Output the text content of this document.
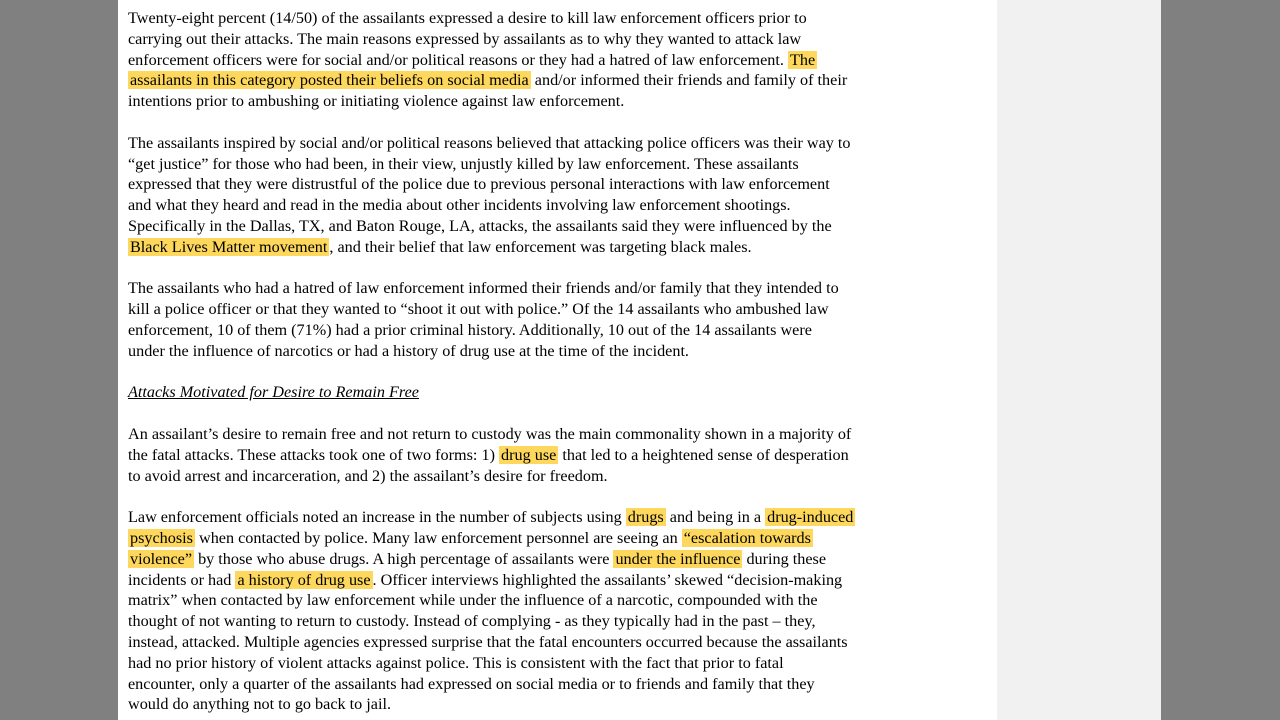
Twenty-eight percent (14/50) of the assailants expressed a desire to kill law enforcement officers prior to
carrying out their attacks. The main reasons expressed by assailants as to why they wanted to attack law
enforcement officers were for social and/or political reasons or they had a hatred of law enforcement. The
assailants in this category posted their beliefs on social media and/or informed their friends and family of their
intentions prior to ambushing or initiating violence against law enforcement.
The assailants inspired by social and/or political reasons believed that attacking police officers was their way to
“get justice” for those who had been, in their view, unjustly killed by law enforcement. These assailants
expressed that they were distrustful of the police due to previous personal interactions with law enforcement
and what they heard and read in the media about other incidents involving law enforcement shootings.
Specifically in the Dallas, TX, and Baton Rouge, LA, attacks, the assailants said they were influenced by the
Black Lives Matter movement , and their belief that law enforcement was targeting black males.
The assailants who had a hatred of law enforcement informed their friends and/or family that they intended to
kill a police officer or that they wanted to “shoot it out with police.” Of the 14 assailants who ambushed law
enforcement, 10 of them (71%) had a prior criminal history. Additionally, 10 out of the 14 assailants were
under the influence of narcotics or had a history of drug use at the time of the incident.
Attacks Motivated for Desire to Remain Free
An assailant’s desire to remain free and not return to custody was the main commonality shown in a majority of
the fatal attacks. These attacks took one of two forms: 1) drug use that led to a heightened sense of desperation
to avoid arrest and incarceration, and 2) the assailant’s desire for freedom.
Law enforcement officials noted an increase in the number of subjects using drugs and being in a drug-induced
psychosis when contacted by police. Many law enforcement personnel are seeing an “escalation towards
violence” by those who abuse drugs. A high percentage of assailants were under the influence during these
incidents or had a history of drug use . Officer interviews highlighted the assailants’ skewed “decision-making
matrix” when contacted by law enforcement while under the influence of a narcotic, compounded with the
thought of not wanting to return to custody. Instead of complying - as they typically had in the past – they,
instead, attacked. Multiple agencies expressed surprise that the fatal encounters occurred because the assailants
had no prior history of violent attacks against police. This is consistent with the fact that prior to fatal
encounter, only a quarter of the assailants had expressed on social media or to friends and family that they
would do anything not to go back to jail.
